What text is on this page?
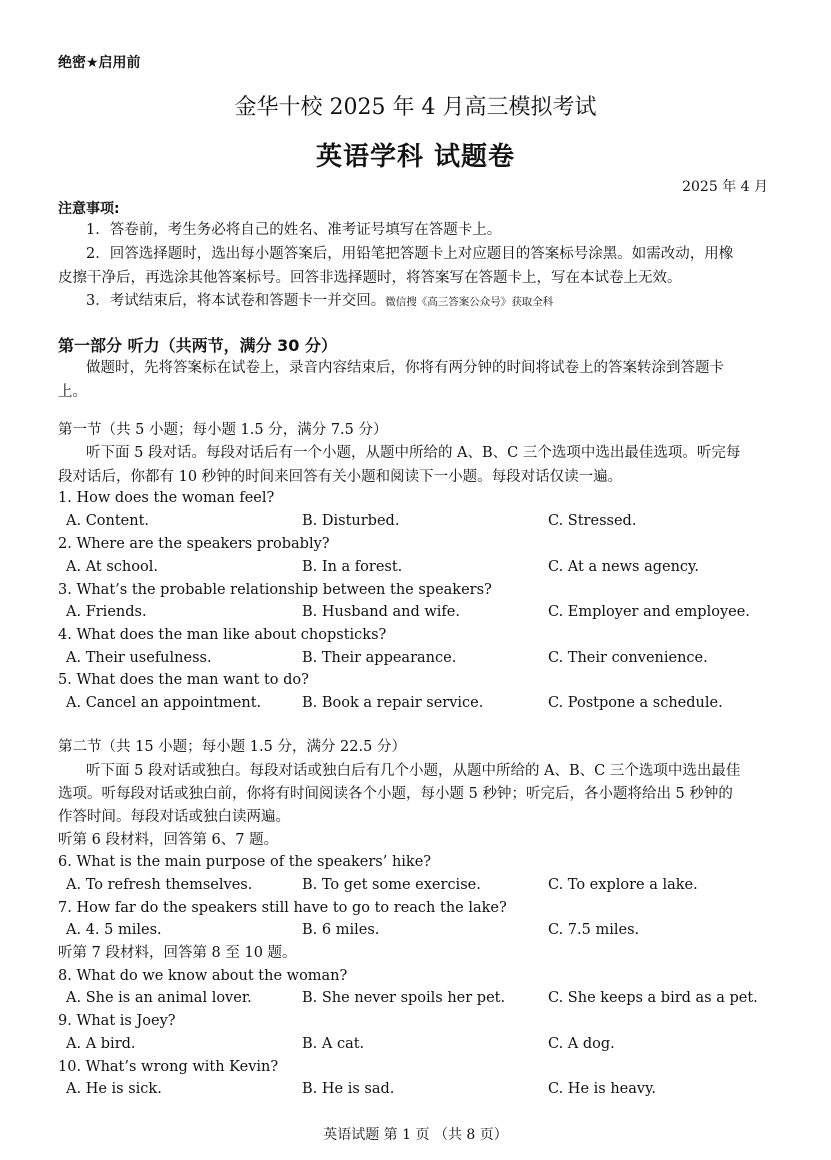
绝密★启用前
金华十校 2025 年 4 月高三模拟考试
英语学科 试题卷
2025 年 4 月
注意事项:
1．答卷前，考生务必将自己的姓名、准考证号填写在答题卡上。
2．回答选择题时，选出每小题答案后，用铅笔把答题卡上对应题目的答案标号涂黑。如需改动，用橡
皮擦干净后，再选涂其他答案标号。回答非选择题时，将答案写在答题卡上，写在本试卷上无效。
3．考试结束后，将本试卷和答题卡一并交回。微信搜《高三答案公众号》获取全科
第一部分 听力（共两节，满分 30 分）
做题时，先将答案标在试卷上，录音内容结束后，你将有两分钟的时间将试卷上的答案转涂到答题卡
上。
第一节（共 5 小题；每小题 1.5 分，满分 7.5 分）
听下面 5 段对话。每段对话后有一个小题，从题中所给的 A、B、C 三个选项中选出最佳选项。听完每
段对话后，你都有 10 秒钟的时间来回答有关小题和阅读下一小题。每段对话仅读一遍。
1. How does the woman feel?
A. Content.	B. Disturbed.	C. Stressed.
2. Where are the speakers probably?
A. At school.	B. In a forest.	C. At a news agency.
3. What’s the probable relationship between the speakers?
A. Friends.	B. Husband and wife.	C. Employer and employee.
4. What does the man like about chopsticks?
A. Their usefulness.	B. Their appearance.	C. Their convenience.
5. What does the man want to do?
A. Cancel an appointment.	B. Book a repair service.	C. Postpone a schedule.
第二节（共 15 小题；每小题 1.5 分，满分 22.5 分）
听下面 5 段对话或独白。每段对话或独白后有几个小题，从题中所给的 A、B、C 三个选项中选出最佳
选项。听每段对话或独白前，你将有时间阅读各个小题，每小题 5 秒钟；听完后，各小题将给出 5 秒钟的
作答时间。每段对话或独白读两遍。
听第 6 段材料，回答第 6、7 题。
6. What is the main purpose of the speakers’ hike?
A. To refresh themselves.	B. To get some exercise.	C. To explore a lake.
7. How far do the speakers still have to go to reach the lake?
A. 4. 5 miles.	B. 6 miles.	C. 7.5 miles.
听第 7 段材料，回答第 8 至 10 题。
8. What do we know about the woman?
A. She is an animal lover.	B. She never spoils her pet.	C. She keeps a bird as a pet.
9. What is Joey?
A. A bird.	B. A cat.	C. A dog.
10. What’s wrong with Kevin?
A. He is sick.	B. He is sad.	C. He is heavy.
英语试题 第 1 页 （共 8 页）
